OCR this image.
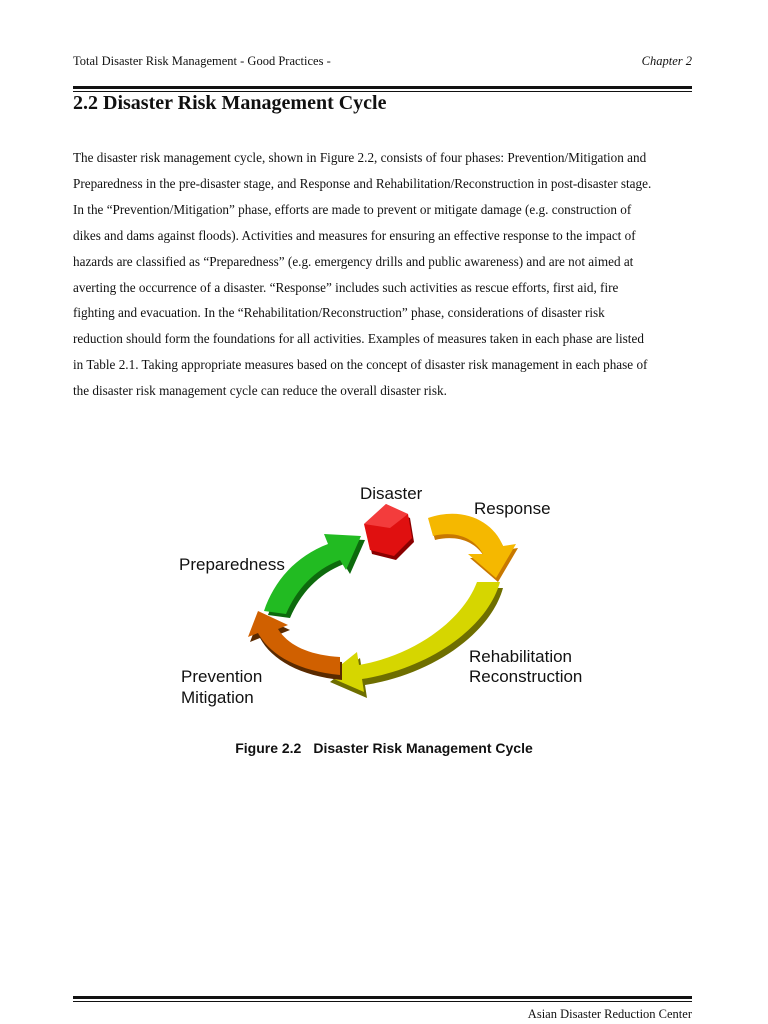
Total Disaster Risk Management - Good Practices -	Chapter 2
2.2 Disaster Risk Management Cycle
The disaster risk management cycle, shown in Figure 2.2, consists of four phases: Prevention/Mitigation and
Preparedness in the pre-disaster stage, and Response and Rehabilitation/Reconstruction in post-disaster stage.
In the “Prevention/Mitigation” phase, efforts are made to prevent or mitigate damage (e.g. construction of
dikes and dams against floods). Activities and measures for ensuring an effective response to the impact of
hazards are classified as “Preparedness” (e.g. emergency drills and public awareness) and are not aimed at
averting the occurrence of a disaster. “Response” includes such activities as rescue efforts, first aid, fire
fighting and evacuation. In the “Rehabilitation/Reconstruction” phase, considerations of disaster risk
reduction should form the foundations for all activities. Examples of measures taken in each phase are listed
in Table 2.1. Taking appropriate measures based on the concept of disaster risk management in each phase of
the disaster risk management cycle can reduce the overall disaster risk.
Disaster
Response
Preparedness
Rehabilitation
Reconstruction
Prevention
Mitigation
Figure 2.2 Disaster Risk Management Cycle
Asian Disaster Reduction Center
